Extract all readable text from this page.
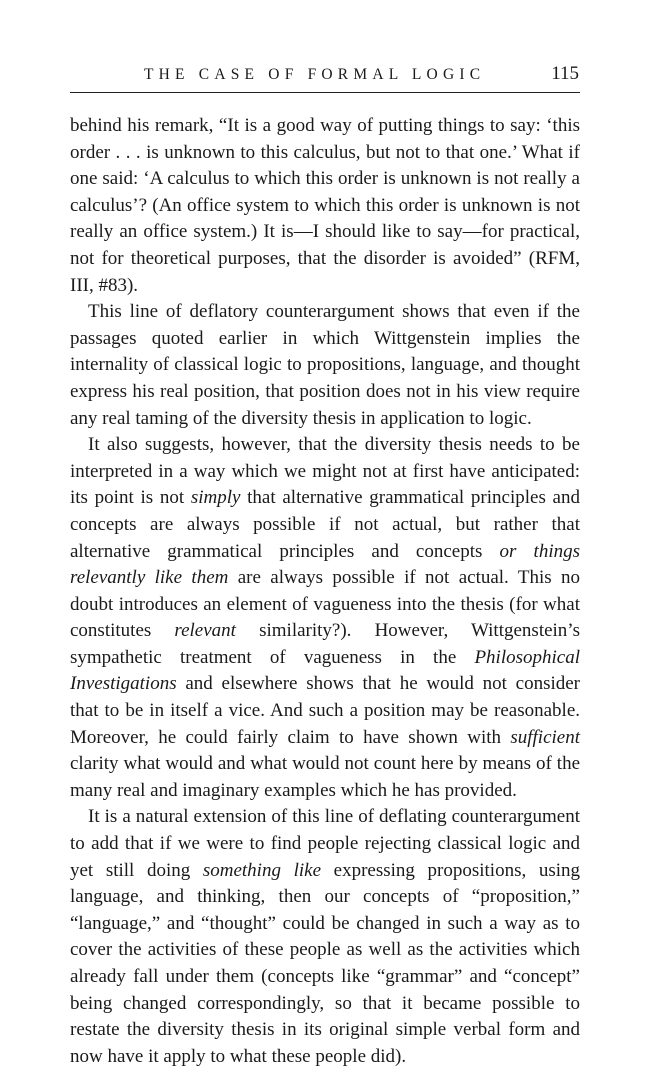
THE CASE OF FORMAL LOGIC	115

behind his remark, “It is a good way of putting things to say: ‘this order . . . is unknown to this calculus, but not to that one.’ What if one said: ‘A calculus to which this order is unknown is not really a calculus’? (An office system to which this order is unknown is not really an office system.) It is—I should like to say—for practical, not for theoretical purposes, that the disorder is avoided” (RFM, III, #83).

This line of deflatory counterargument shows that even if the passages quoted earlier in which Wittgenstein implies the internality of classical logic to propositions, language, and thought express his real position, that position does not in his view require any real taming of the diversity thesis in application to logic.

It also suggests, however, that the diversity thesis needs to be interpreted in a way which we might not at first have anticipated: its point is not simply that alternative grammatical principles and concepts are always possible if not actual, but rather that alternative grammatical principles and concepts or things relevantly like them are always possible if not actual. This no doubt introduces an element of vagueness into the thesis (for what constitutes relevant similarity?). However, Wittgenstein’s sympathetic treatment of vagueness in the Philosophical Investigations and elsewhere shows that he would not consider that to be in itself a vice. And such a position may be reasonable. Moreover, he could fairly claim to have shown with sufficient clarity what would and what would not count here by means of the many real and imaginary examples which he has provided.

It is a natural extension of this line of deflating counterargument to add that if we were to find people rejecting classical logic and yet still doing something like expressing propositions, using language, and thinking, then our concepts of “proposition,” “language,” and “thought” could be changed in such a way as to cover the activities of these people as well as the activities which already fall under them (concepts like “grammar” and “concept” being changed correspondingly, so that it became possible to restate the diversity thesis in its original simple verbal form and now have it apply to what these people did).
